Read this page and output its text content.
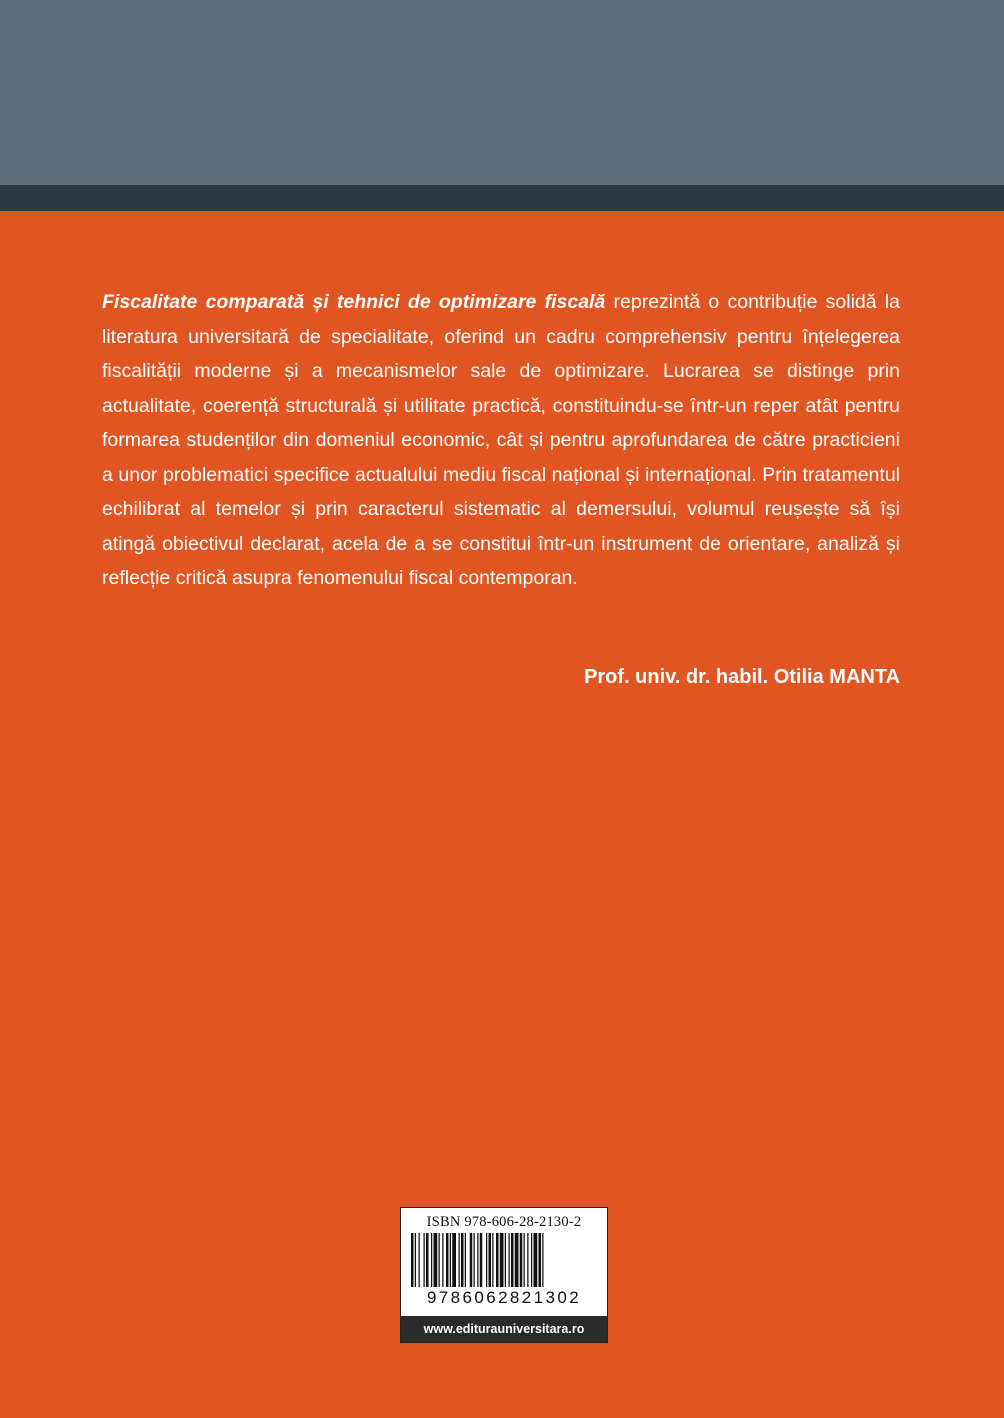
Fiscalitate comparată și tehnici de optimizare fiscală reprezintă o contribuție solidă la literatura universitară de specialitate, oferind un cadru comprehensiv pentru înțelegerea fiscalității moderne și a mecanismelor sale de optimizare. Lucrarea se distinge prin actualitate, coerență structurală și utilitate practică, constituindu-se într-un reper atât pentru formarea studenților din domeniul economic, cât și pentru aprofundarea de către practicieni a unor problematici specifice actualului mediu fiscal național și internațional. Prin tratamentul echilibrat al temelor și prin caracterul sistematic al demersului, volumul reușește să își atingă obiectivul declarat, acela de a se constitui într-un instrument de orientare, analiză și reflecție critică asupra fenomenului fiscal contemporan.

Prof. univ. dr. habil. Otilia MANTA
ISBN 978-606-28-2130-2
9786062821302
www.editurauniversitara.ro
